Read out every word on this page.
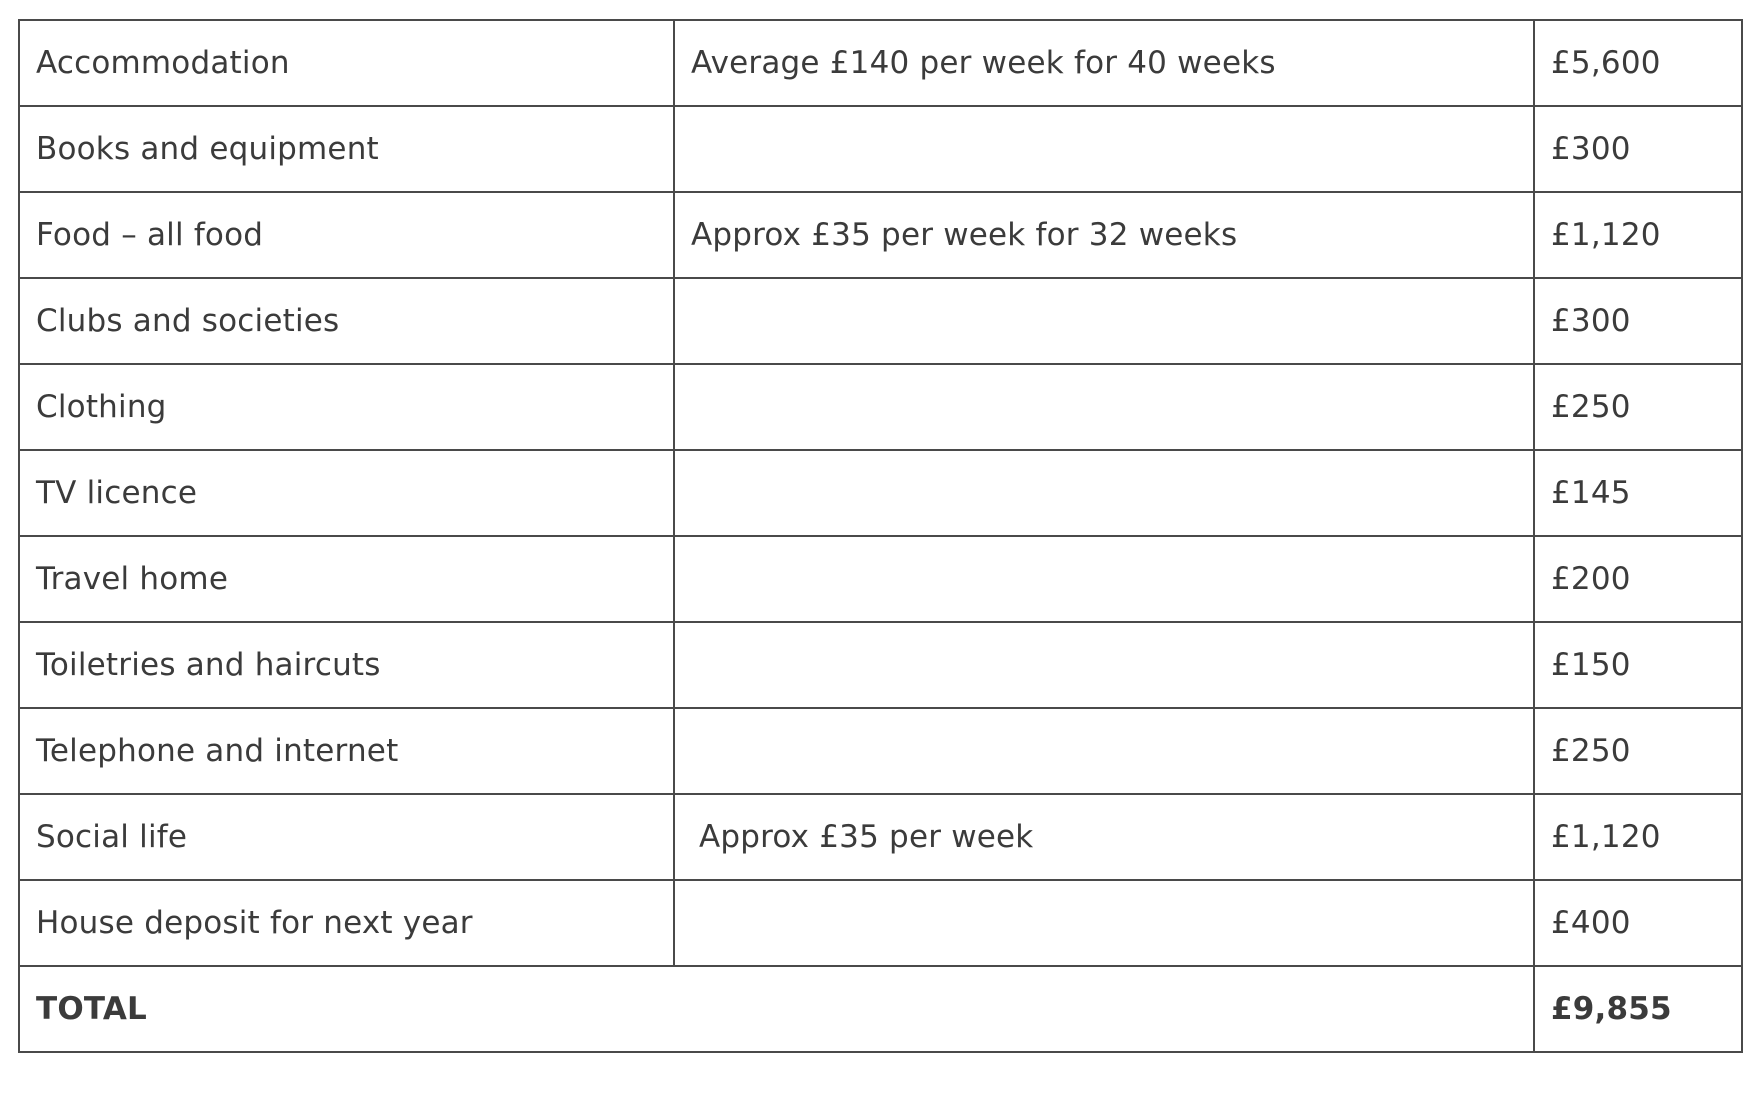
Accommodation	Average £140 per week for 40 weeks	£5,600
Books and equipment		£300
Food – all food	Approx £35 per week for 32 weeks	£1,120
Clubs and societies		£300
Clothing		£250
TV licence		£145
Travel home		£200
Toiletries and haircuts		£150
Telephone and internet		£250
Social life	Approx £35 per week	£1,120
House deposit for next year		£400
TOTAL		£9,855
